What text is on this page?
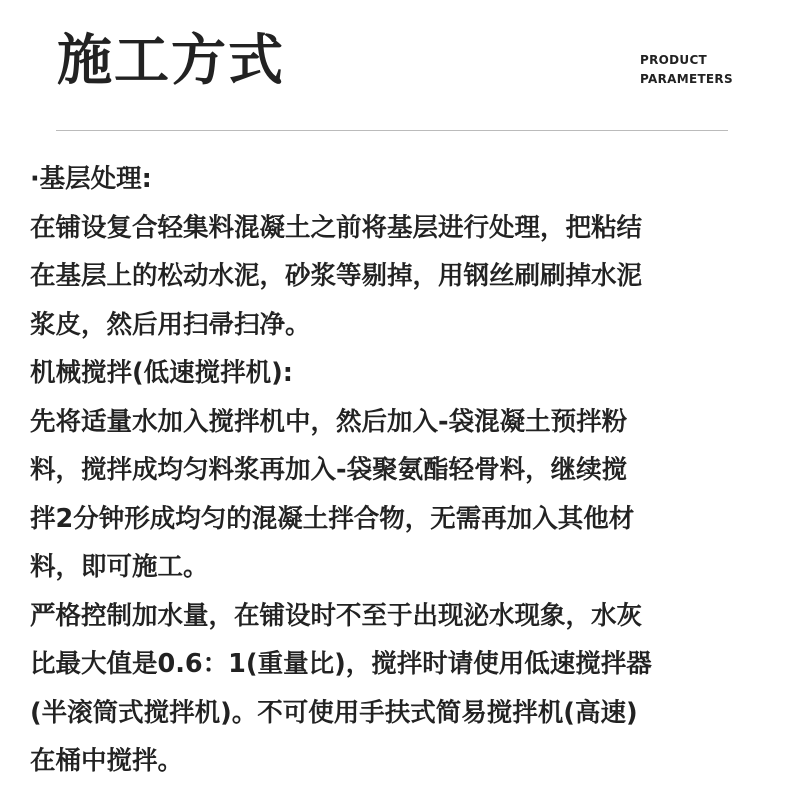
施工方式	PRODUCT
PARAMETERS

·基层处理:

在铺设复合轻集料混凝土之前将基层进行处理，把粘结

在基层上的松动水泥，砂浆等剔掉，用钢丝刷刷掉水泥

浆皮，然后用扫帚扫净。

机械搅拌(低速搅拌机):

先将适量水加入搅拌机中，然后加入-袋混凝土预拌粉

料，搅拌成均匀料浆再加入-袋聚氨酯轻骨料，继续搅

拌2分钟形成均匀的混凝土拌合物，无需再加入其他材

料，即可施工。

严格控制加水量，在铺设时不至于出现泌水现象，水灰

比最大值是0.6：1(重量比)，搅拌时请使用低速搅拌器

(半滚筒式搅拌机)。不可使用手扶式简易搅拌机(高速)

在桶中搅拌。
